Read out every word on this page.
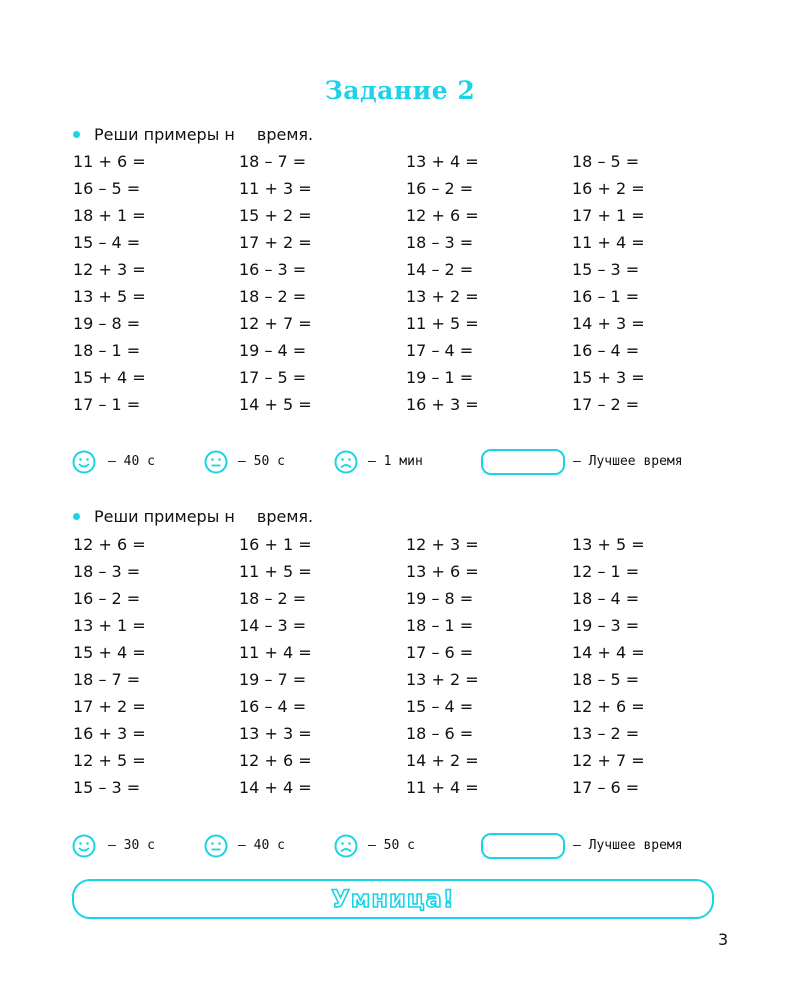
Задание 2
Реши примеры н время.
11 + 6 =	18 – 7 =	13 + 4 =	18 – 5 =
16 – 5 =	11 + 3 =	16 – 2 =	16 + 2 =
18 + 1 =	15 + 2 =	12 + 6 =	17 + 1 =
15 – 4 =	17 + 2 =	18 – 3 =	11 + 4 =
12 + 3 =	16 – 3 =	14 – 2 =	15 – 3 =
13 + 5 =	18 – 2 =	13 + 2 =	16 – 1 =
19 – 8 =	12 + 7 =	11 + 5 =	14 + 3 =
18 – 1 =	19 – 4 =	17 – 4 =	16 – 4 =
15 + 4 =	17 – 5 =	19 – 1 =	15 + 3 =
17 – 1 =	14 + 5 =	16 + 3 =	17 – 2 =
— 40 с	— 50 с	— 1 мин	— Лучшее время
Реши примеры н время.
12 + 6 =	16 + 1 =	12 + 3 =	13 + 5 =
18 – 3 =	11 + 5 =	13 + 6 =	12 – 1 =
16 – 2 =	18 – 2 =	19 – 8 =	18 – 4 =
13 + 1 =	14 – 3 =	18 – 1 =	19 – 3 =
15 + 4 =	11 + 4 =	17 – 6 =	14 + 4 =
18 – 7 =	19 – 7 =	13 + 2 =	18 – 5 =
17 + 2 =	16 – 4 =	15 – 4 =	12 + 6 =
16 + 3 =	13 + 3 =	18 – 6 =	13 – 2 =
12 + 5 =	12 + 6 =	14 + 2 =	12 + 7 =
15 – 3 =	14 + 4 =	11 + 4 =	17 – 6 =
— 30 с	— 40 с	— 50 с	— Лучшее время
Умница!
3
